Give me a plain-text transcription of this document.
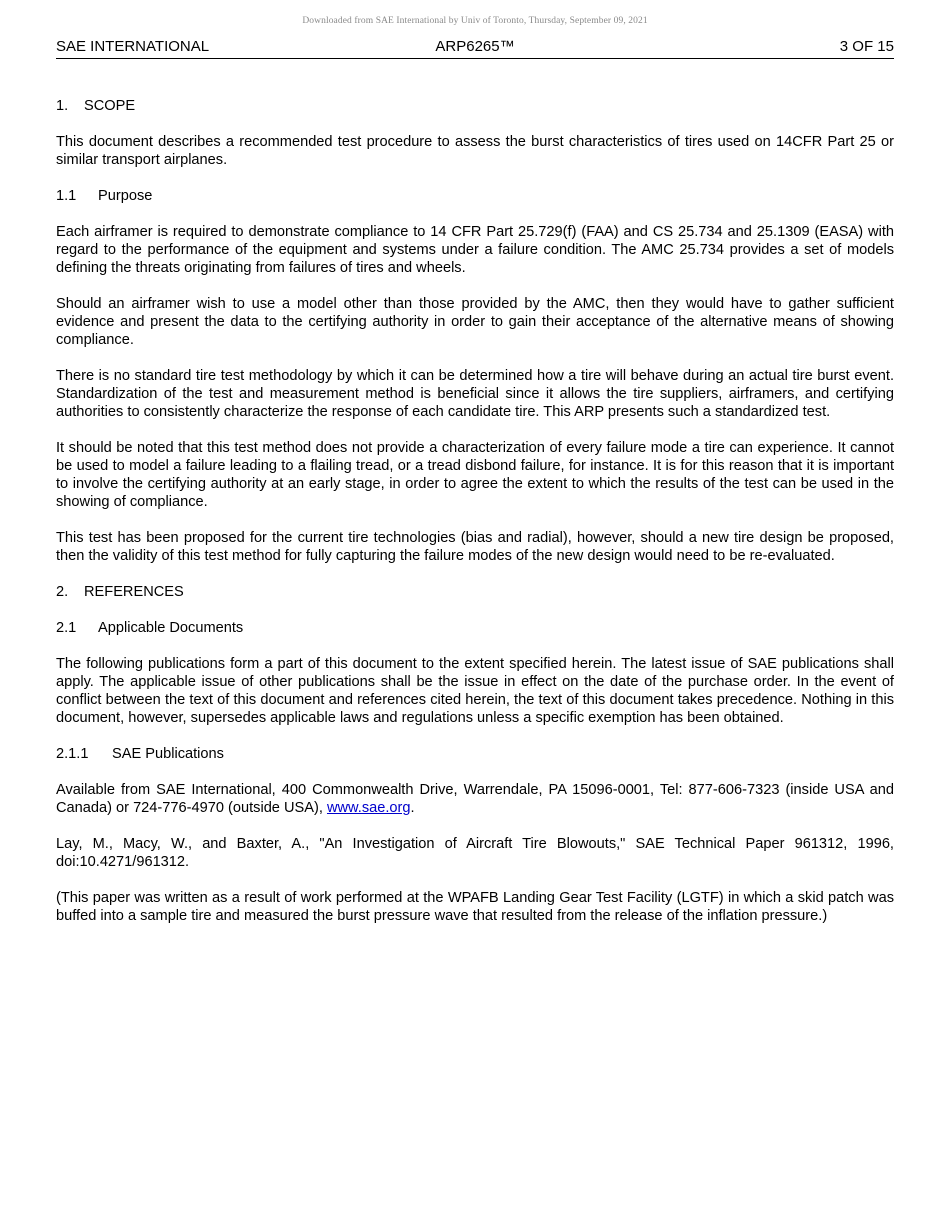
Downloaded from SAE International by Univ of Toronto, Thursday, September 09, 2021
SAE INTERNATIONAL	ARP6265™	3 OF 15
1. SCOPE

This document describes a recommended test procedure to assess the burst characteristics of tires used on 14CFR Part 25 or similar transport airplanes.

1.1 Purpose

Each airframer is required to demonstrate compliance to 14 CFR Part 25.729(f) (FAA) and CS 25.734 and 25.1309 (EASA) with regard to the performance of the equipment and systems under a failure condition. The AMC 25.734 provides a set of models defining the threats originating from failures of tires and wheels.

Should an airframer wish to use a model other than those provided by the AMC, then they would have to gather sufficient evidence and present the data to the certifying authority in order to gain their acceptance of the alternative means of showing compliance.

There is no standard tire test methodology by which it can be determined how a tire will behave during an actual tire burst event. Standardization of the test and measurement method is beneficial since it allows the tire suppliers, airframers, and certifying authorities to consistently characterize the response of each candidate tire. This ARP presents such a standardized test.

It should be noted that this test method does not provide a characterization of every failure mode a tire can experience. It cannot be used to model a failure leading to a flailing tread, or a tread disbond failure, for instance. It is for this reason that it is important to involve the certifying authority at an early stage, in order to agree the extent to which the results of the test can be used in the showing of compliance.

This test has been proposed for the current tire technologies (bias and radial), however, should a new tire design be proposed, then the validity of this test method for fully capturing the failure modes of the new design would need to be re-evaluated.

2. REFERENCES
2.1 Applicable Documents

The following publications form a part of this document to the extent specified herein. The latest issue of SAE publications shall apply. The applicable issue of other publications shall be the issue in effect on the date of the purchase order. In the event of conflict between the text of this document and references cited herein, the text of this document takes precedence. Nothing in this document, however, supersedes applicable laws and regulations unless a specific exemption has been obtained.

2.1.1 SAE Publications

Available from SAE International, 400 Commonwealth Drive, Warrendale, PA 15096-0001, Tel: 877-606-7323 (inside USA and Canada) or 724-776-4970 (outside USA), www.sae.org.

Lay, M., Macy, W., and Baxter, A., "An Investigation of Aircraft Tire Blowouts," SAE Technical Paper 961312, 1996, doi:10.4271/961312.

(This paper was written as a result of work performed at the WPAFB Landing Gear Test Facility (LGTF) in which a skid patch was buffed into a sample tire and measured the burst pressure wave that resulted from the release of the inflation pressure.)
